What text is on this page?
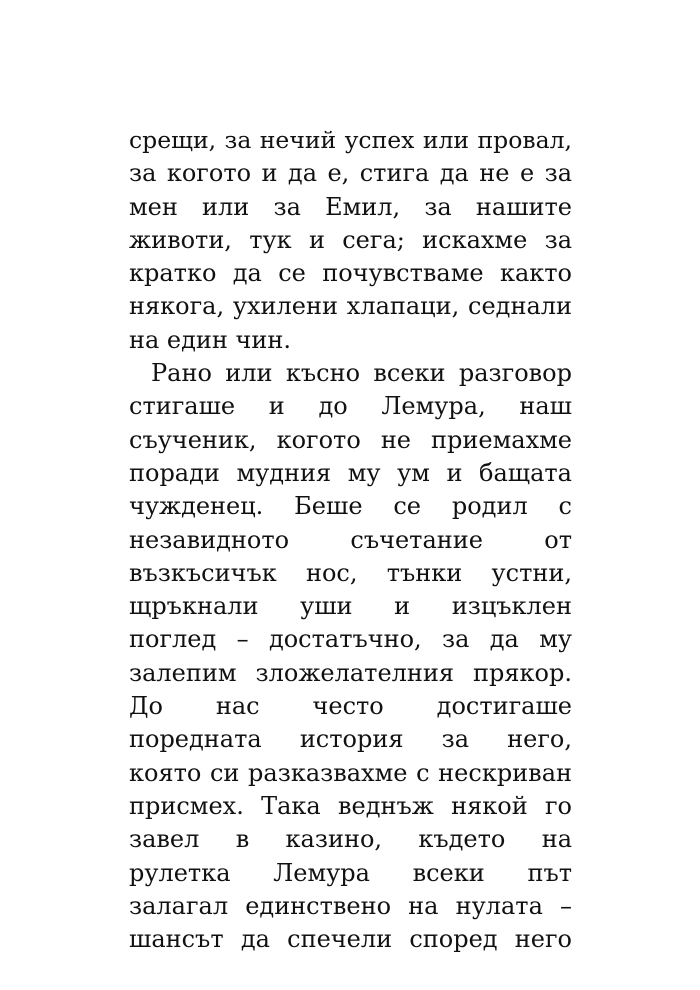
срещи, за нечий успех или провал,
за когото и да е, стига да не е за
мен или за Емил, за нашите
животи, тук и сега; искахме за
кратко да се почувстваме както
някога, ухилени хлапаци, седнали
на един чин.
Рано или късно всеки разговор
стигаше и до Лемура, наш
съученик, когото не приемахме
поради мудния му ум и бащата
чужденец. Беше се родил с
незавидното съчетание от
възкъсичък нос, тънки устни,
щръкнали уши и изцъклен
поглед – достатъчно, за да му
залепим зложелателния прякор.
До нас често достигаше
поредната история за него,
която си разказвахме с нескриван
присмех. Така веднъж някой го
завел в казино, където на
рулетка Лемура всеки път
залагал единствено на нулата –
шансът да спечели според него
